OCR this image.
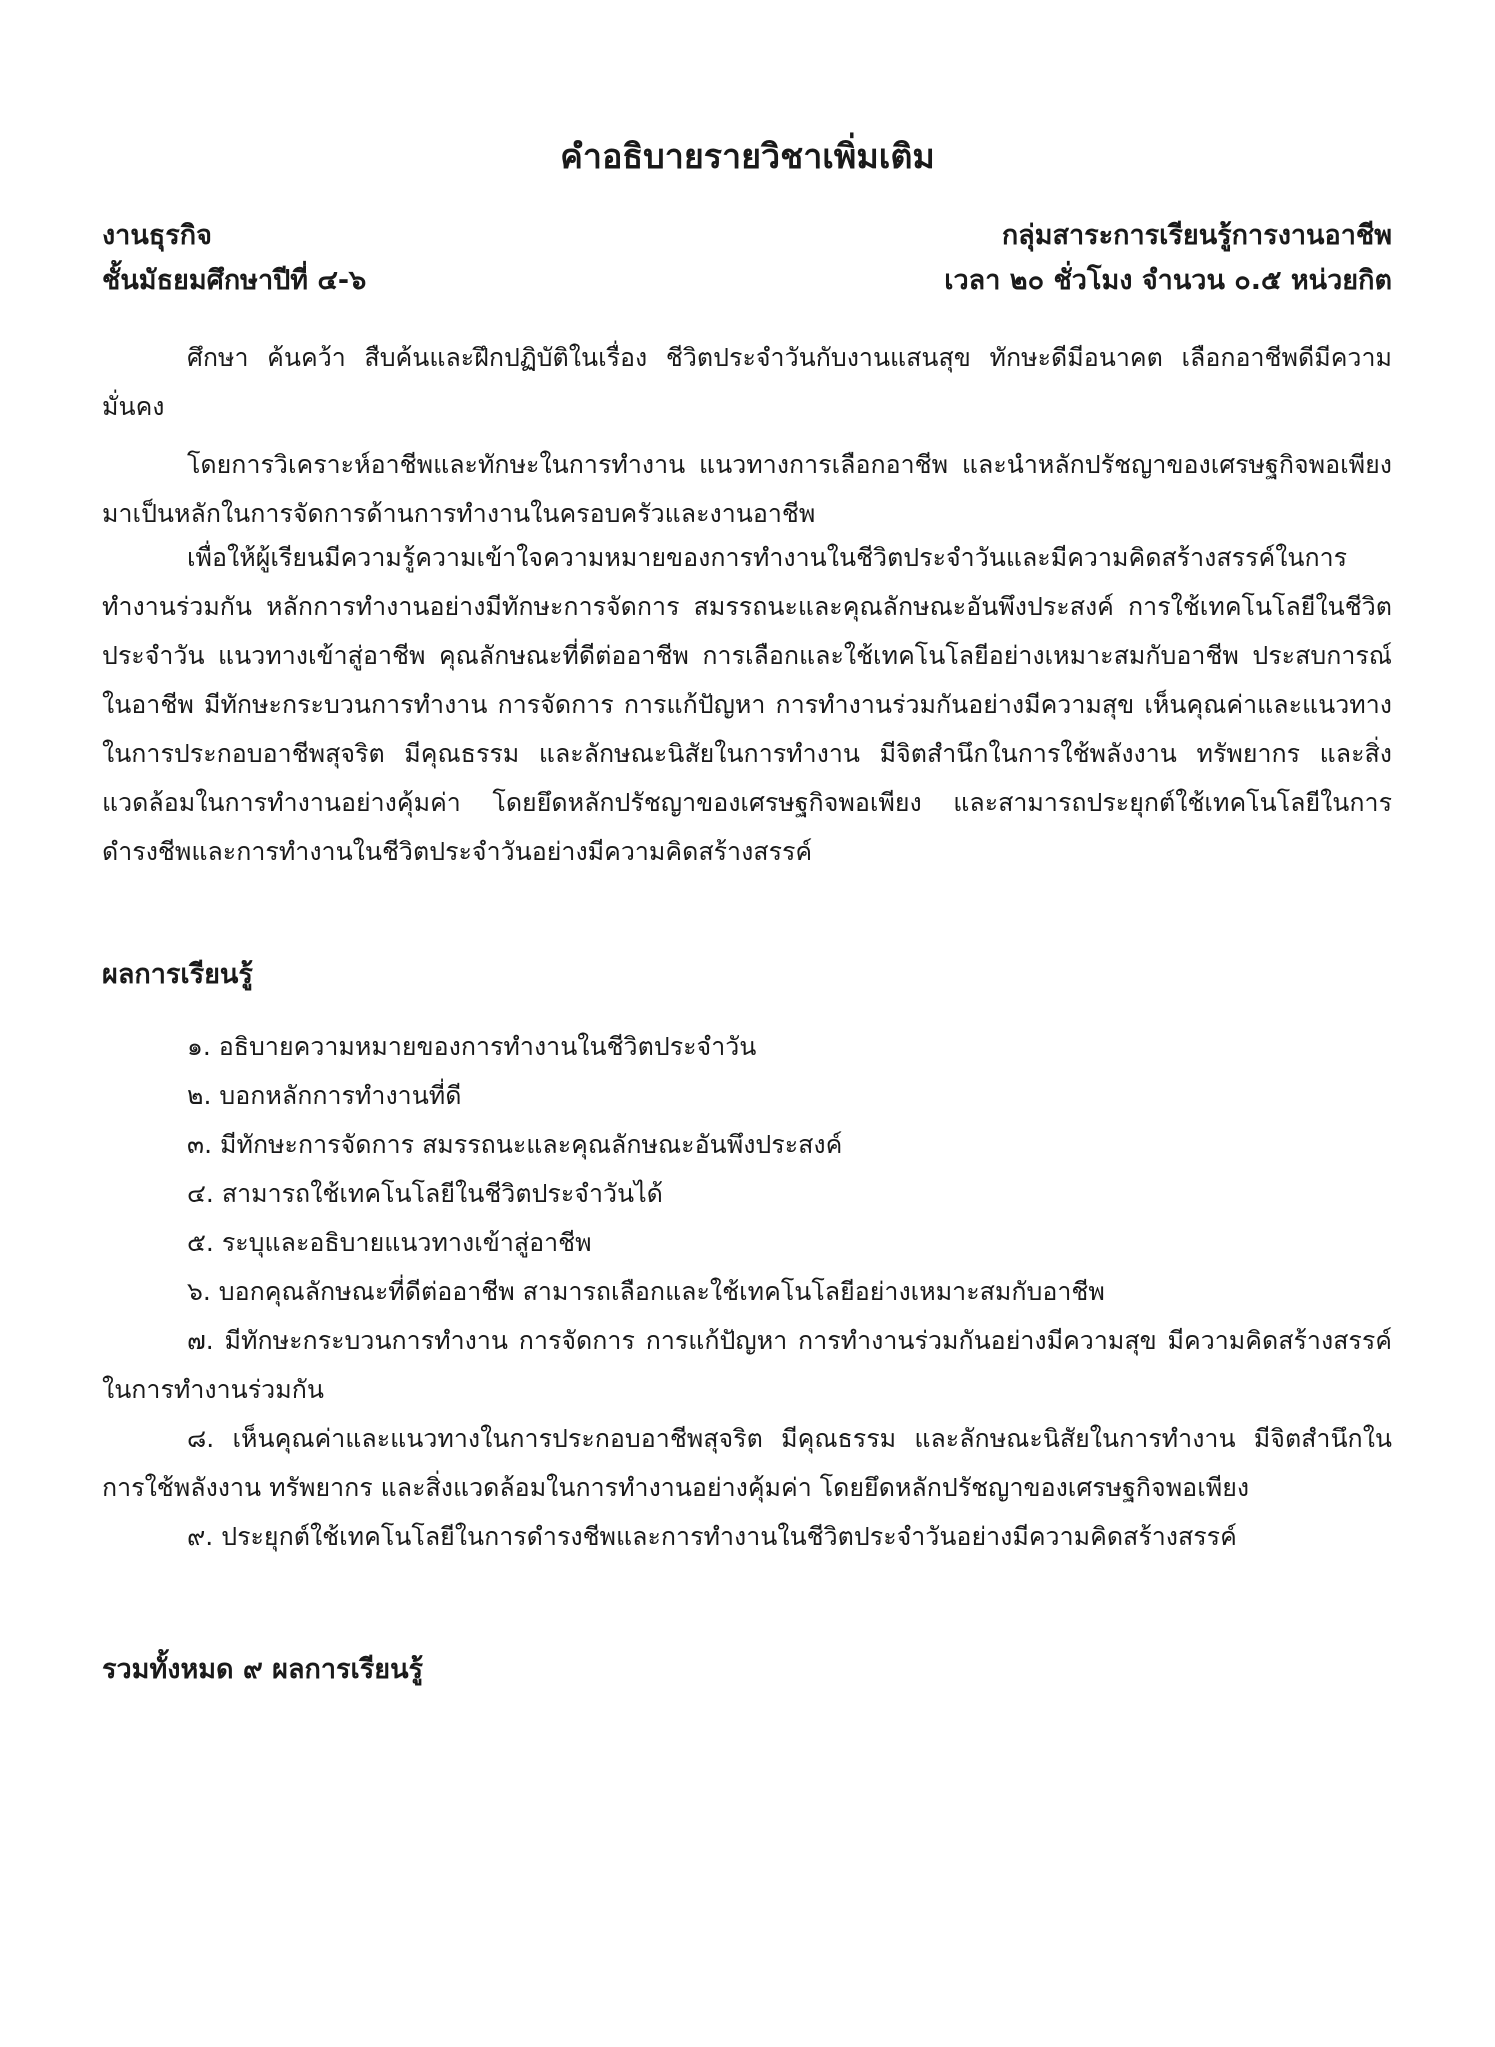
คำอธิบายรายวิชาเพิ่มเติม
งานธุรกิจ	กลุ่มสาระการเรียนรู้การงานอาชีพ
ชั้นมัธยมศึกษาปีที่ ๔-๖	เวลา ๒๐ ชั่วโมง จำนวน ๐.๕ หน่วยกิต

ศึกษา ค้นคว้า สืบค้นและฝึกปฏิบัติในเรื่อง ชีวิตประจำวันกับงานแสนสุข ทักษะดีมีอนาคต เลือกอาชีพดีมีความมั่นคง

โดยการวิเคราะห์อาชีพและทักษะในการทำงาน แนวทางการเลือกอาชีพ และนำหลักปรัชญาของเศรษฐกิจพอเพียงมาเป็นหลักในการจัดการด้านการทำงานในครอบครัวและงานอาชีพ

เพื่อให้ผู้เรียนมีความรู้ความเข้าใจความหมายของการทำงานในชีวิตประจำวันและมีความคิดสร้างสรรค์ในการทำงานร่วมกัน หลักการทำงานอย่างมีทักษะการจัดการ สมรรถนะและคุณลักษณะอันพึงประสงค์ การใช้เทคโนโลยีในชีวิตประจำวัน แนวทางเข้าสู่อาชีพ คุณลักษณะที่ดีต่ออาชีพ การเลือกและใช้เทคโนโลยีอย่างเหมาะสมกับอาชีพ ประสบการณ์ในอาชีพ มีทักษะกระบวนการทำงาน การจัดการ การแก้ปัญหา การทำงานร่วมกันอย่างมีความสุข เห็นคุณค่าและแนวทางในการประกอบอาชีพสุจริต มีคุณธรรม และลักษณะนิสัยในการทำงาน มีจิตสำนึกในการใช้พลังงาน ทรัพยากร และสิ่งแวดล้อมในการทำงานอย่างคุ้มค่า โดยยึดหลักปรัชญาของเศรษฐกิจพอเพียง และสามารถประยุกต์ใช้เทคโนโลยีในการดำรงชีพและการทำงานในชีวิตประจำวันอย่างมีความคิดสร้างสรรค์

ผลการเรียนรู้
๑. อธิบายความหมายของการทำงานในชีวิตประจำวัน
๒. บอกหลักการทำงานที่ดี
๓. มีทักษะการจัดการ สมรรถนะและคุณลักษณะอันพึงประสงค์
๔. สามารถใช้เทคโนโลยีในชีวิตประจำวันได้
๕. ระบุและอธิบายแนวทางเข้าสู่อาชีพ
๖. บอกคุณลักษณะที่ดีต่ออาชีพ สามารถเลือกและใช้เทคโนโลยีอย่างเหมาะสมกับอาชีพ
๗. มีทักษะกระบวนการทำงาน การจัดการ การแก้ปัญหา การทำงานร่วมกันอย่างมีความสุข มีความคิดสร้างสรรค์ในการทำงานร่วมกัน
๘. เห็นคุณค่าและแนวทางในการประกอบอาชีพสุจริต มีคุณธรรม และลักษณะนิสัยในการทำงาน มีจิตสำนึกในการใช้พลังงาน ทรัพยากร และสิ่งแวดล้อมในการทำงานอย่างคุ้มค่า โดยยึดหลักปรัชญาของเศรษฐกิจพอเพียง
๙. ประยุกต์ใช้เทคโนโลยีในการดำรงชีพและการทำงานในชีวิตประจำวันอย่างมีความคิดสร้างสรรค์
รวมทั้งหมด ๙ ผลการเรียนรู้
